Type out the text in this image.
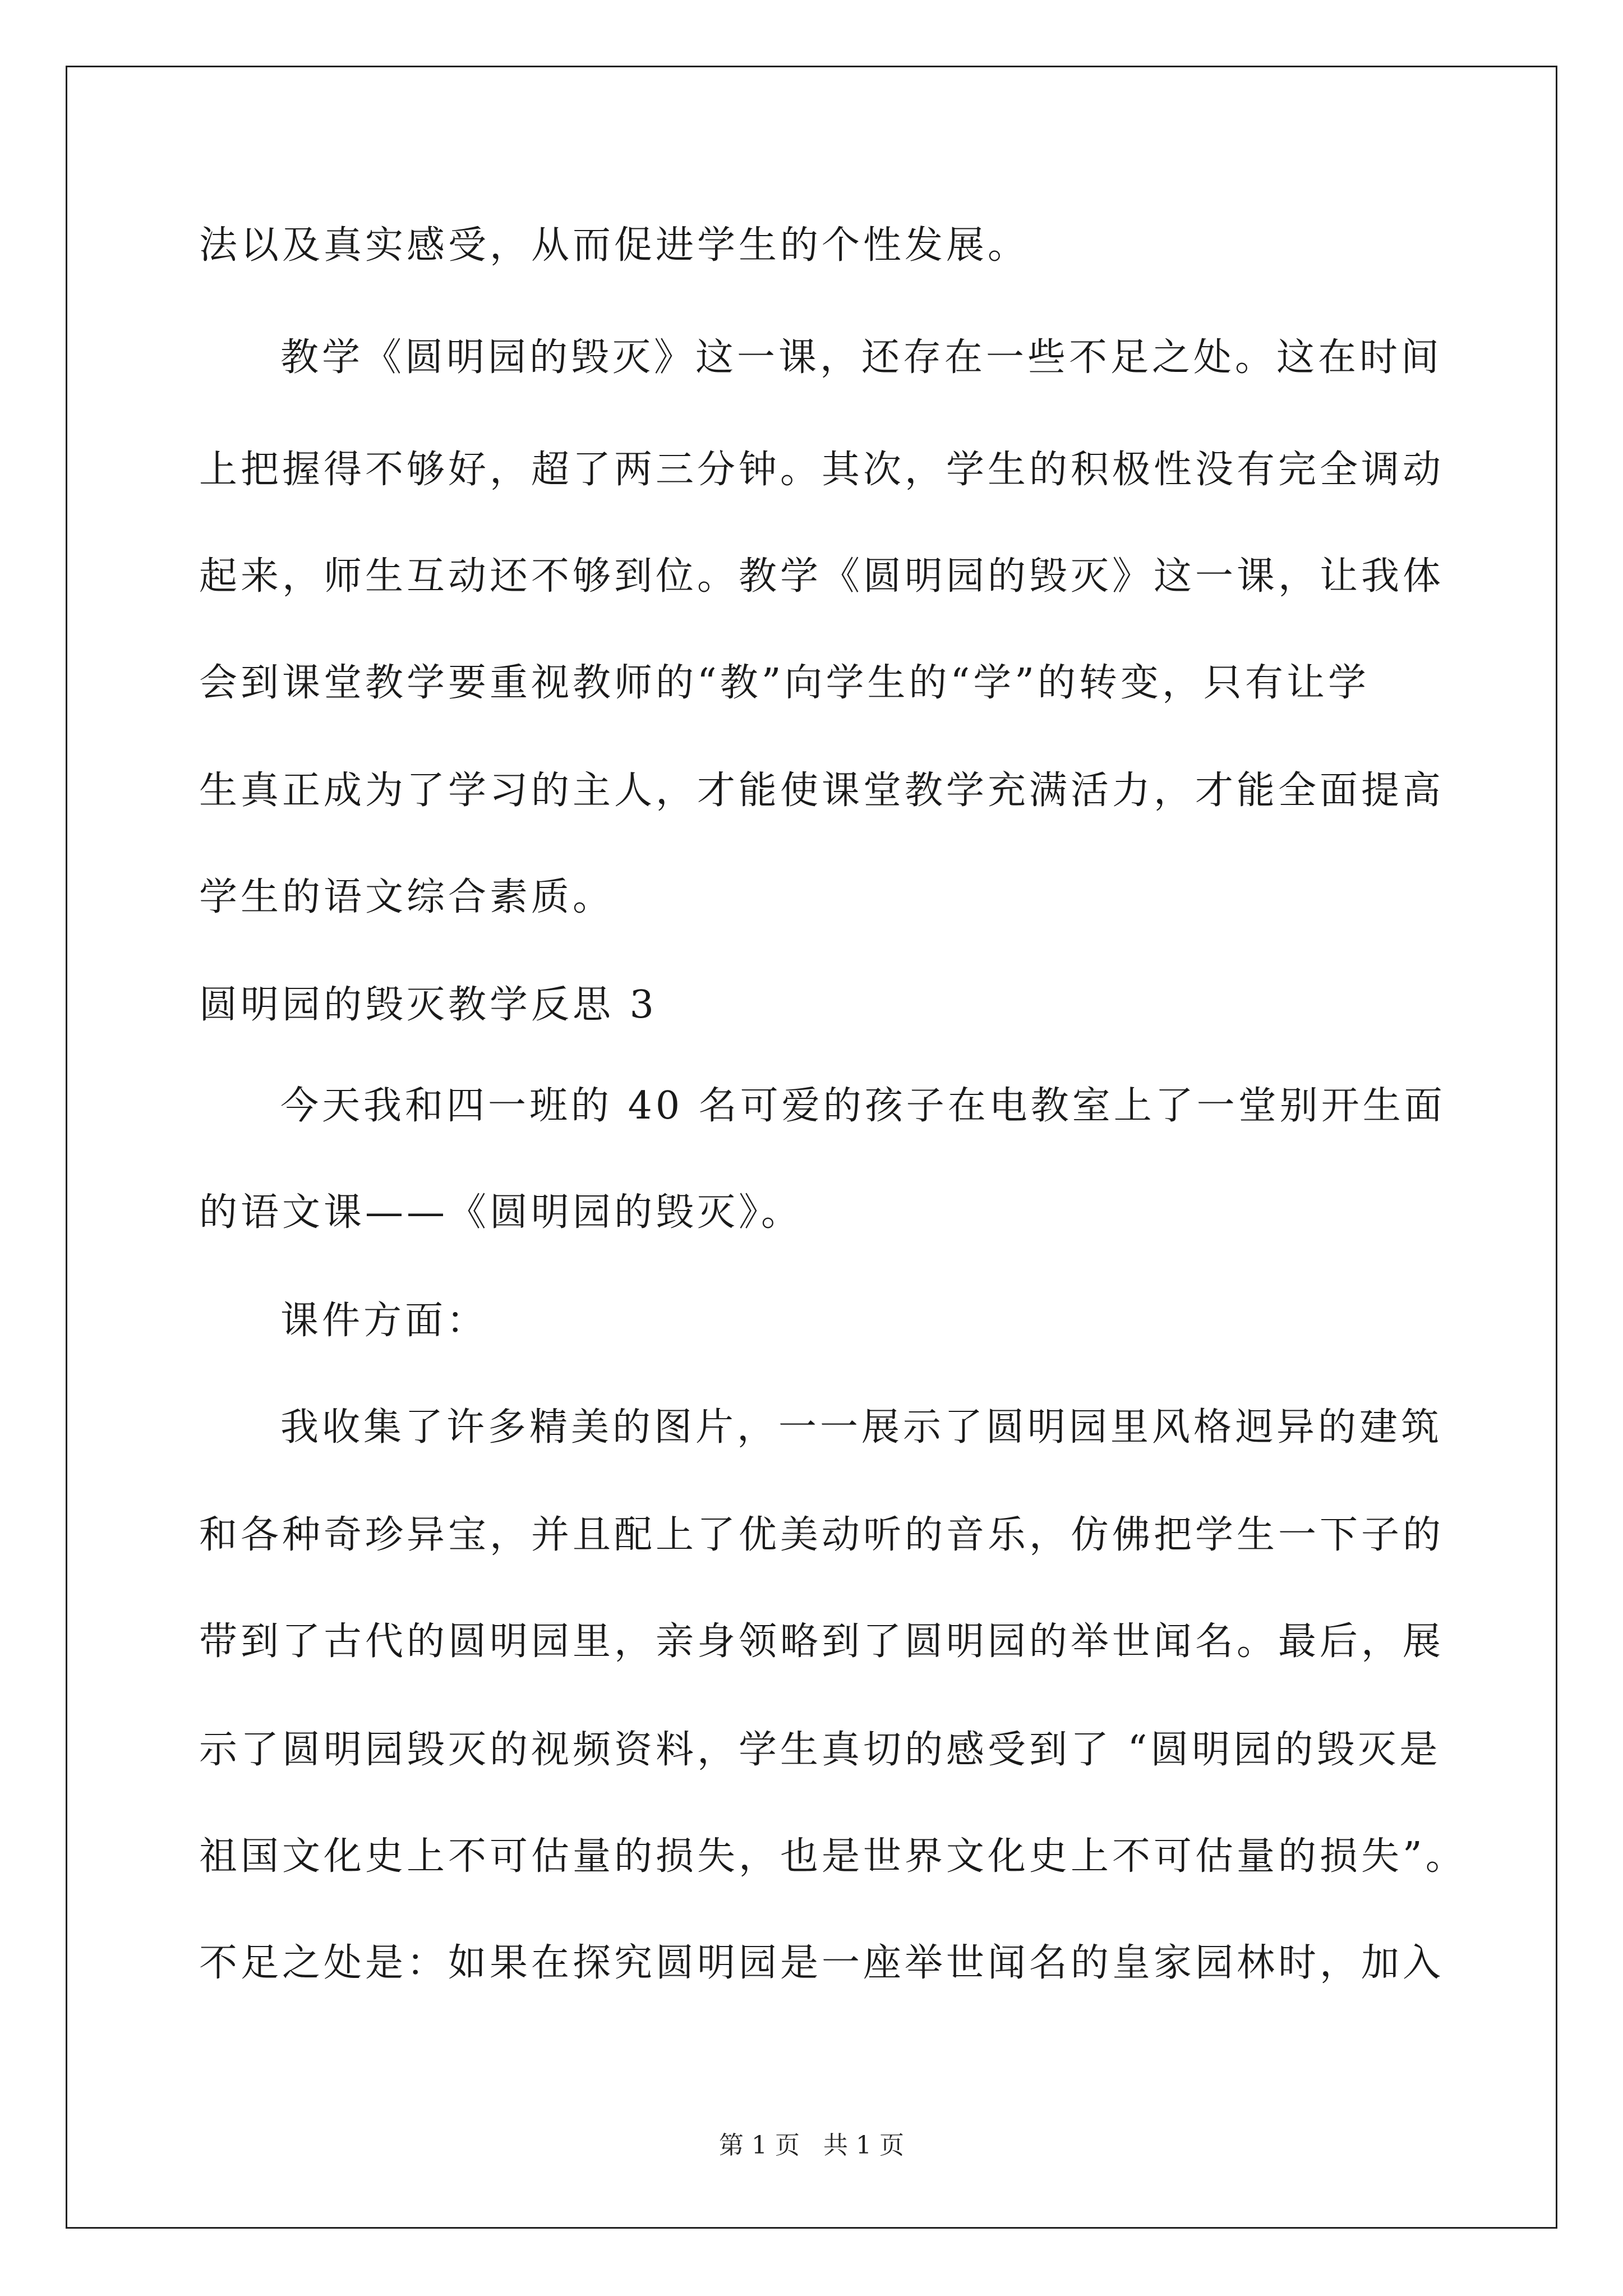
法以及真实感受，从而促进学生的个性发展。
教学《圆明园的毁灭》这一课，还存在一些不足之处。这在时间
上把握得不够好，超了两三分钟。其次，学生的积极性没有完全调动
起来，师生互动还不够到位。教学《圆明园的毁灭》这一课，让我体
会到课堂教学要重视教师的“教”向学生的“学”的转变，只有让学
生真正成为了学习的主人，才能使课堂教学充满活力，才能全面提高
学生的语文综合素质。
圆明园的毁灭教学反思 3
今天我和四一班的 40 名可爱的孩子在电教室上了一堂别开生面
的语文课——《圆明园的毁灭》。
课件方面：
我收集了许多精美的图片，一一展示了圆明园里风格迥异的建筑
和各种奇珍异宝，并且配上了优美动听的音乐，仿佛把学生一下子的
带到了古代的圆明园里，亲身领略到了圆明园的举世闻名。最后，展
示了圆明园毁灭的视频资料，学生真切的感受到了 “圆明园的毁灭是
祖国文化史上不可估量的损失，也是世界文化史上不可估量的损失”。
不足之处是：如果在探究圆明园是一座举世闻名的皇家园林时，加入
第 1 页   共 1 页
